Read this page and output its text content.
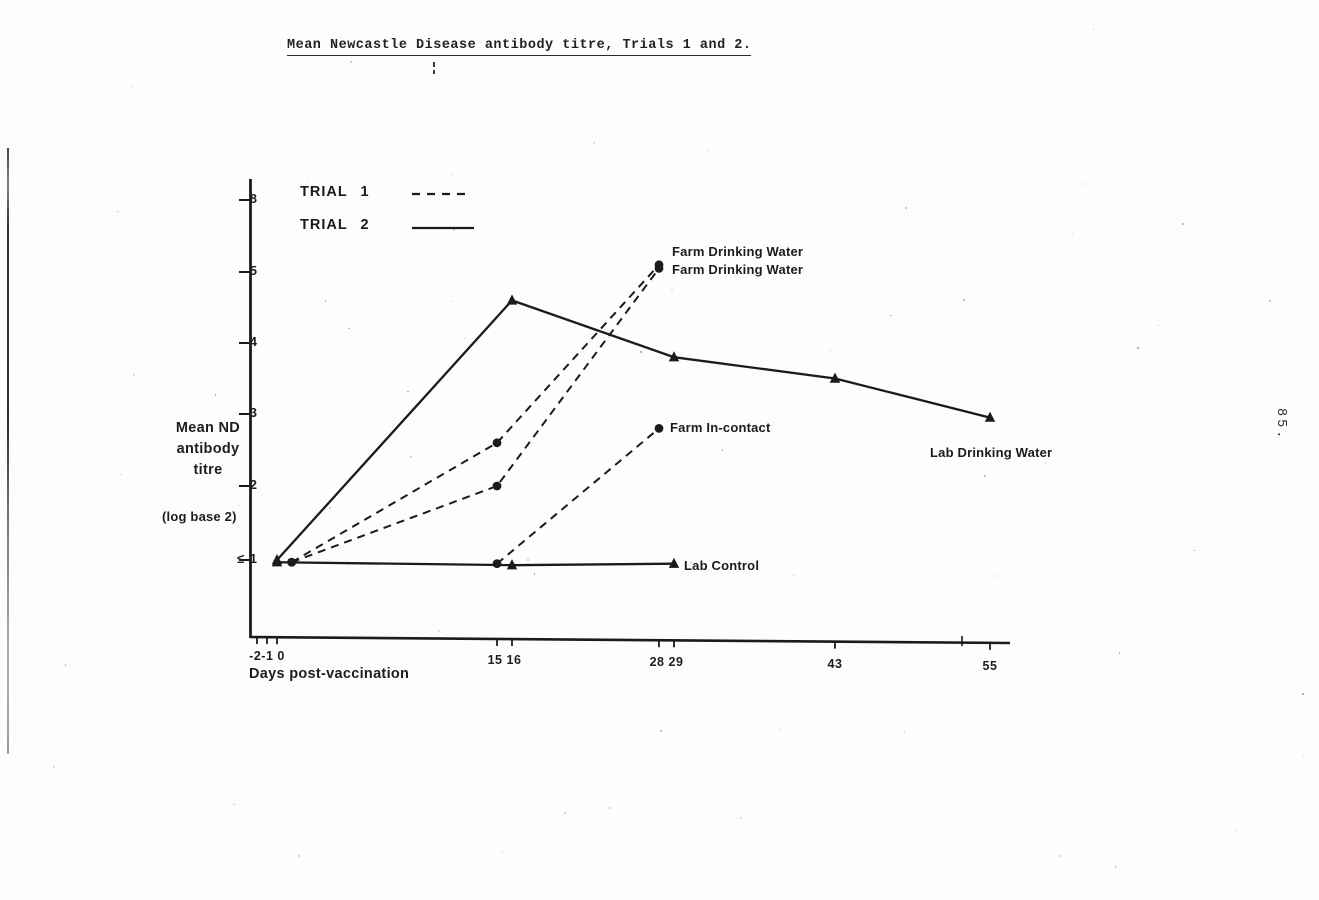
Mean Newcastle Disease antibody titre, Trials 1 and 2.
TRIAL 1
TRIAL 2
Mean ND
antibody
titre
(log base 2)
Days post-vaccination
Farm Drinking Water
Farm Drinking Water
Farm In-contact
Lab Drinking Water
Lab Control
8
5
4
3
2
≤ 1
-2-1 0	15 16	28 29	43	55
85.
